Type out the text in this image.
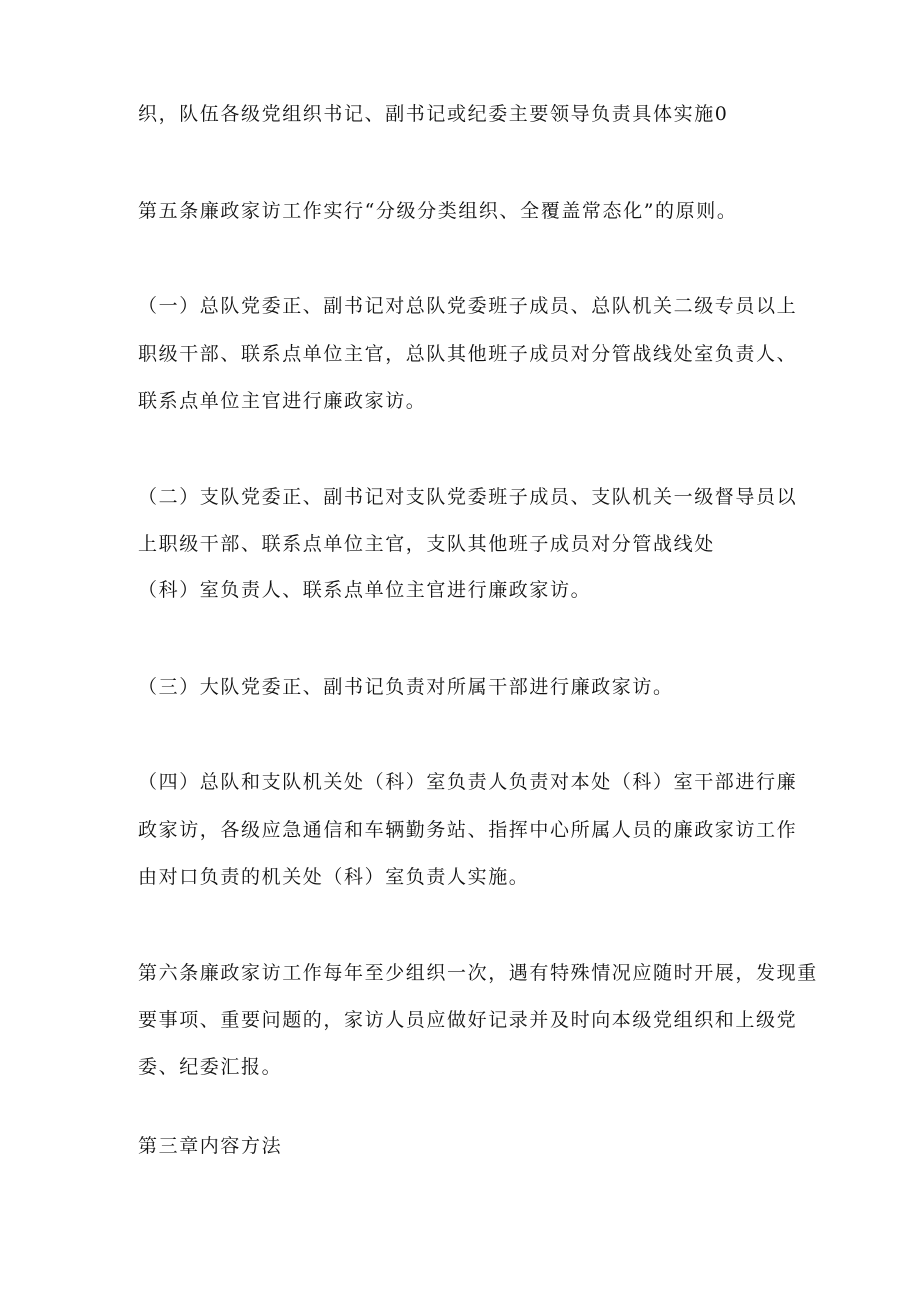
织，队伍各级党组织书记、副书记或纪委主要领导负责具体实施0
第五条廉政家访工作实行“分级分类组织、全覆盖常态化”的原则。
（一）总队党委正、副书记对总队党委班子成员、总队机关二级专员以上
职级干部、联系点单位主官，总队其他班子成员对分管战线处室负责人、
联系点单位主官进行廉政家访。
（二）支队党委正、副书记对支队党委班子成员、支队机关一级督导员以
上职级干部、联系点单位主官，支队其他班子成员对分管战线处
（科）室负责人、联系点单位主官进行廉政家访。
（三）大队党委正、副书记负责对所属干部进行廉政家访。
（四）总队和支队机关处（科）室负责人负责对本处（科）室干部进行廉
政家访，各级应急通信和车辆勤务站、指挥中心所属人员的廉政家访工作
由对口负责的机关处（科）室负责人实施。
第六条廉政家访工作每年至少组织一次，遇有特殊情况应随时开展，发现重
要事项、重要问题的，家访人员应做好记录并及时向本级党组织和上级党
委、纪委汇报。
第三章内容方法
